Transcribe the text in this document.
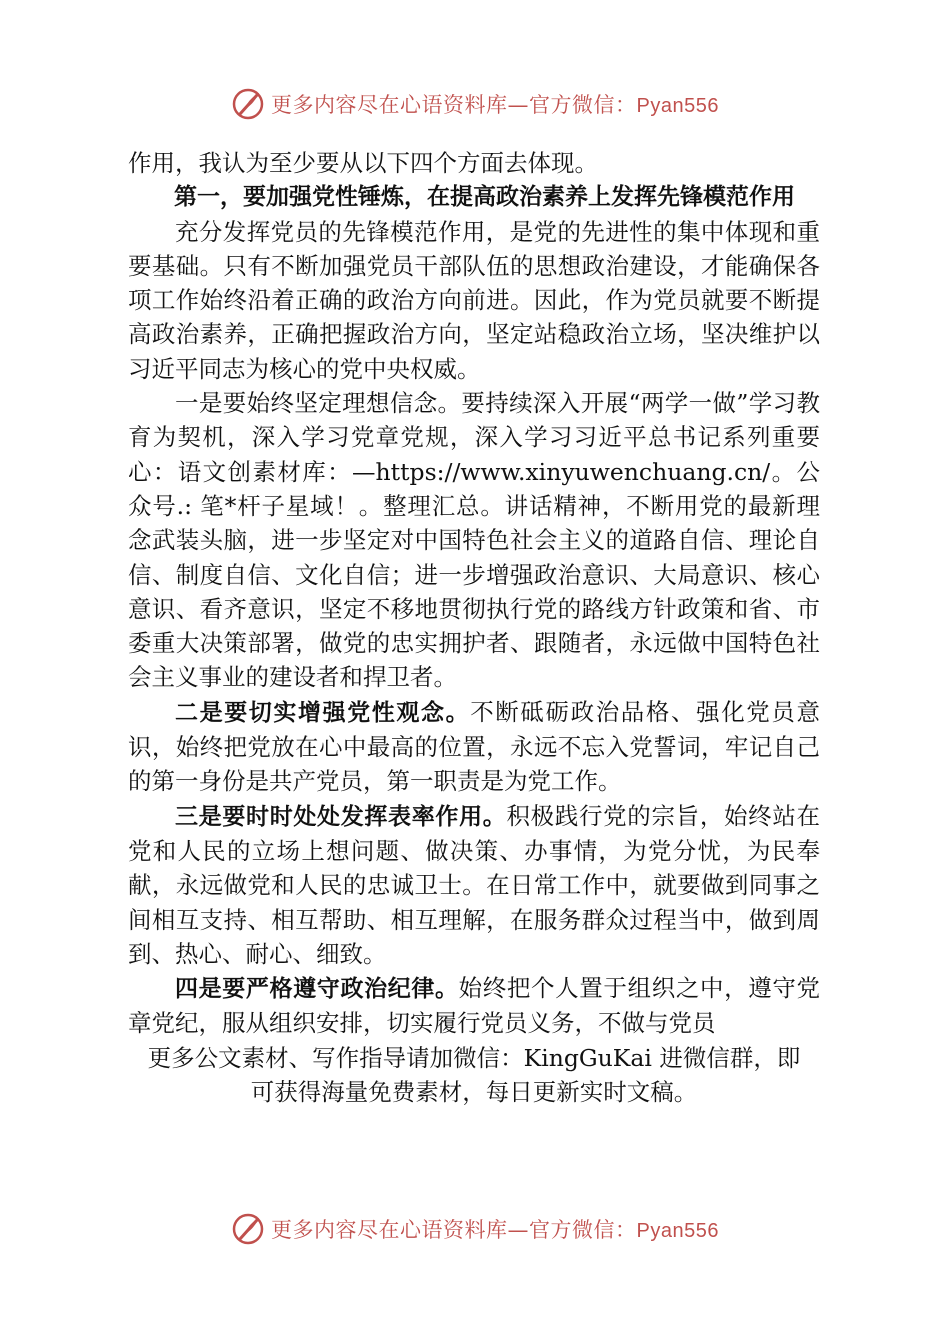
更多内容尽在心语资料库—官方微信：Pyan556

作用，我认为至少要从以下四个方面去体现。

第一，要加强党性锤炼，在提高政治素养上发挥先锋模范作用

充分发挥党员的先锋模范作用，是党的先进性的集中体现和重要基础。只有不断加强党员干部队伍的思想政治建设，才能确保各项工作始终沿着正确的政治方向前进。因此，作为党员就要不断提高政治素养，正确把握政治方向，坚定站稳政治立场，坚决维护以习近平同志为核心的党中央权威。

一是要始终坚定理想信念。要持续深入开展“两学一做”学习教育为契机，深入学习党章党规，深入学习习近平总书记系列重要心：语文创素材库：—https://www.xinyuwenchuang.cn/。公众号.: 笔*杆子星域！。整理汇总。讲话精神，不断用党的最新理念武装头脑，进一步坚定对中国特色社会主义的道路自信、理论自信、制度自信、文化自信；进一步增强政治意识、大局意识、核心意识、看齐意识，坚定不移地贯彻执行党的路线方针政策和省、市委重大决策部署，做党的忠实拥护者、跟随者，永远做中国特色社会主义事业的建设者和捍卫者。

二是要切实增强党性观念。不断砥砺政治品格、强化党员意识，始终把党放在心中最高的位置，永远不忘入党誓词，牢记自己的第一身份是共产党员，第一职责是为党工作。

三是要时时处处发挥表率作用。积极践行党的宗旨，始终站在党和人民的立场上想问题、做决策、办事情，为党分忧，为民奉献，永远做党和人民的忠诚卫士。在日常工作中，就要做到同事之间相互支持、相互帮助、相互理解，在服务群众过程当中，做到周到、热心、耐心、细致。

四是要严格遵守政治纪律。始终把个人置于组织之中，遵守党章党纪，服从组织安排，切实履行党员义务，不做与党员

更多公文素材、写作指导请加微信：KingGuKai 进微信群，即

可获得海量免费素材，每日更新实时文稿。

更多内容尽在心语资料库—官方微信：Pyan556
